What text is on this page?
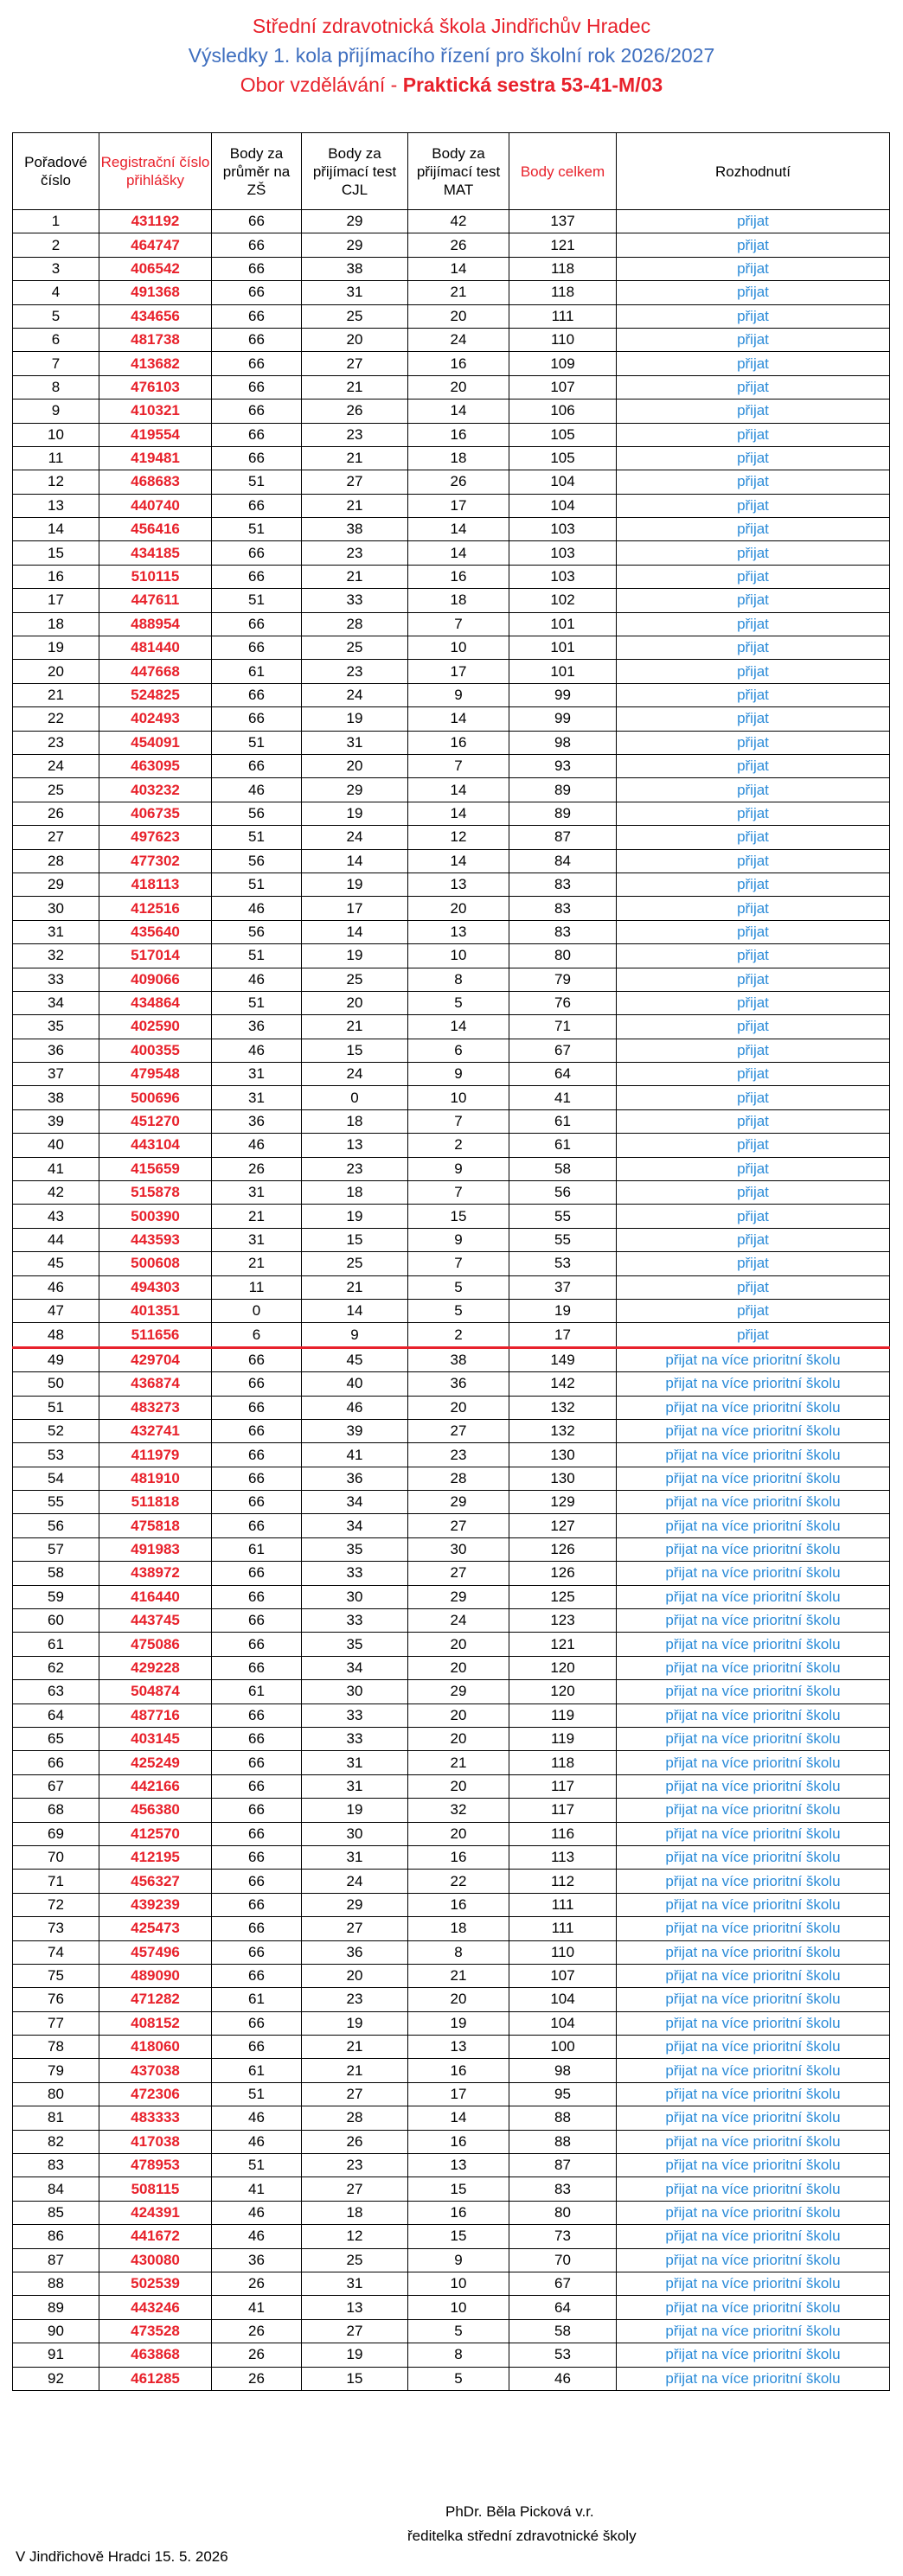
Střední zdravotnická škola Jindřichův Hradec
Výsledky 1. kola přijímacího řízení pro školní rok 2026/2027
Obor vzdělávání - Praktická sestra 53-41-M/03
Pořadové číslo	Registrační číslo přihlášky	Body za průměr na ZŠ	Body za přijímací test CJL	Body za přijímací test MAT	Body celkem	Rozhodnutí
1	431192	66	29	42	137	přijat
2	464747	66	29	26	121	přijat
3	406542	66	38	14	118	přijat
4	491368	66	31	21	118	přijat
5	434656	66	25	20	111	přijat
6	481738	66	20	24	110	přijat
7	413682	66	27	16	109	přijat
8	476103	66	21	20	107	přijat
9	410321	66	26	14	106	přijat
10	419554	66	23	16	105	přijat
11	419481	66	21	18	105	přijat
12	468683	51	27	26	104	přijat
13	440740	66	21	17	104	přijat
14	456416	51	38	14	103	přijat
15	434185	66	23	14	103	přijat
16	510115	66	21	16	103	přijat
17	447611	51	33	18	102	přijat
18	488954	66	28	7	101	přijat
19	481440	66	25	10	101	přijat
20	447668	61	23	17	101	přijat
21	524825	66	24	9	99	přijat
22	402493	66	19	14	99	přijat
23	454091	51	31	16	98	přijat
24	463095	66	20	7	93	přijat
25	403232	46	29	14	89	přijat
26	406735	56	19	14	89	přijat
27	497623	51	24	12	87	přijat
28	477302	56	14	14	84	přijat
29	418113	51	19	13	83	přijat
30	412516	46	17	20	83	přijat
31	435640	56	14	13	83	přijat
32	517014	51	19	10	80	přijat
33	409066	46	25	8	79	přijat
34	434864	51	20	5	76	přijat
35	402590	36	21	14	71	přijat
36	400355	46	15	6	67	přijat
37	479548	31	24	9	64	přijat
38	500696	31	0	10	41	přijat
39	451270	36	18	7	61	přijat
40	443104	46	13	2	61	přijat
41	415659	26	23	9	58	přijat
42	515878	31	18	7	56	přijat
43	500390	21	19	15	55	přijat
44	443593	31	15	9	55	přijat
45	500608	21	25	7	53	přijat
46	494303	11	21	5	37	přijat
47	401351	0	14	5	19	přijat
48	511656	6	9	2	17	přijat
49	429704	66	45	38	149	přijat na více prioritní školu
50	436874	66	40	36	142	přijat na více prioritní školu
51	483273	66	46	20	132	přijat na více prioritní školu
52	432741	66	39	27	132	přijat na více prioritní školu
53	411979	66	41	23	130	přijat na více prioritní školu
54	481910	66	36	28	130	přijat na více prioritní školu
55	511818	66	34	29	129	přijat na více prioritní školu
56	475818	66	34	27	127	přijat na více prioritní školu
57	491983	61	35	30	126	přijat na více prioritní školu
58	438972	66	33	27	126	přijat na více prioritní školu
59	416440	66	30	29	125	přijat na více prioritní školu
60	443745	66	33	24	123	přijat na více prioritní školu
61	475086	66	35	20	121	přijat na více prioritní školu
62	429228	66	34	20	120	přijat na více prioritní školu
63	504874	61	30	29	120	přijat na více prioritní školu
64	487716	66	33	20	119	přijat na více prioritní školu
65	403145	66	33	20	119	přijat na více prioritní školu
66	425249	66	31	21	118	přijat na více prioritní školu
67	442166	66	31	20	117	přijat na více prioritní školu
68	456380	66	19	32	117	přijat na více prioritní školu
69	412570	66	30	20	116	přijat na více prioritní školu
70	412195	66	31	16	113	přijat na více prioritní školu
71	456327	66	24	22	112	přijat na více prioritní školu
72	439239	66	29	16	111	přijat na více prioritní školu
73	425473	66	27	18	111	přijat na více prioritní školu
74	457496	66	36	8	110	přijat na více prioritní školu
75	489090	66	20	21	107	přijat na více prioritní školu
76	471282	61	23	20	104	přijat na více prioritní školu
77	408152	66	19	19	104	přijat na více prioritní školu
78	418060	66	21	13	100	přijat na více prioritní školu
79	437038	61	21	16	98	přijat na více prioritní školu
80	472306	51	27	17	95	přijat na více prioritní školu
81	483333	46	28	14	88	přijat na více prioritní školu
82	417038	46	26	16	88	přijat na více prioritní školu
83	478953	51	23	13	87	přijat na více prioritní školu
84	508115	41	27	15	83	přijat na více prioritní školu
85	424391	46	18	16	80	přijat na více prioritní školu
86	441672	46	12	15	73	přijat na více prioritní školu
87	430080	36	25	9	70	přijat na více prioritní školu
88	502539	26	31	10	67	přijat na více prioritní školu
89	443246	41	13	10	64	přijat na více prioritní školu
90	473528	26	27	5	58	přijat na více prioritní školu
91	463868	26	19	8	53	přijat na více prioritní školu
92	461285	26	15	5	46	přijat na více prioritní školu
PhDr. Běla Picková v.r.
ředitelka střední zdravotnické školy
V Jindřichově Hradci 15. 5. 2026
